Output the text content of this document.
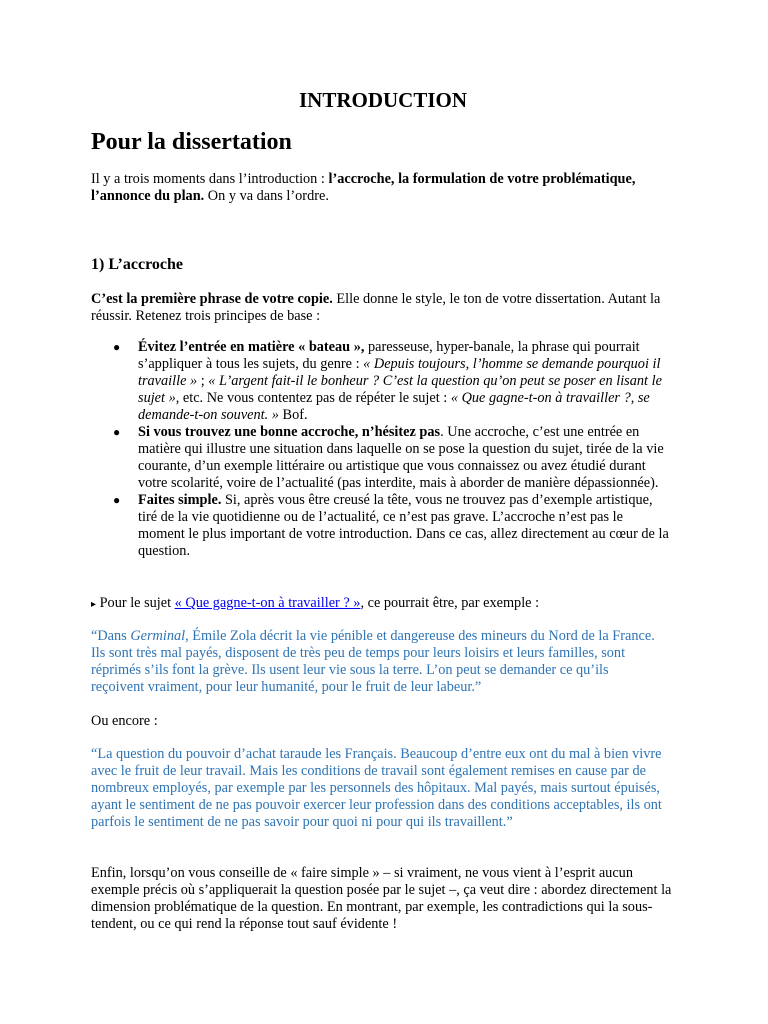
INTRODUCTION
Pour la dissertation

Il y a trois moments dans l’introduction : l’accroche, la formulation de votre problématique, l’annonce du plan. On y va dans l’ordre.

1) L’accroche

C’est la première phrase de votre copie. Elle donne le style, le ton de votre dissertation. Autant la réussir. Retenez trois principes de base :

● Évitez l’entrée en matière « bateau », paresseuse, hyper-banale, la phrase qui pourrait s’appliquer à tous les sujets, du genre : « Depuis toujours, l’homme se demande pourquoi il travaille » ; « L’argent fait-il le bonheur ? C’est la question qu’on peut se poser en lisant le sujet », etc. Ne vous contentez pas de répéter le sujet : « Que gagne-t-on à travailler ?, se demande-t-on souvent. » Bof.
● Si vous trouvez une bonne accroche, n’hésitez pas. Une accroche, c’est une entrée en matière qui illustre une situation dans laquelle on se pose la question du sujet, tirée de la vie courante, d’un exemple littéraire ou artistique que vous connaissez ou avez étudié durant votre scolarité, voire de l’actualité (pas interdite, mais à aborder de manière dépassionnée).
● Faites simple. Si, après vous être creusé la tête, vous ne trouvez pas d’exemple artistique, tiré de la vie quotidienne ou de l’actualité, ce n’est pas grave. L’accroche n’est pas le moment le plus important de votre introduction. Dans ce cas, allez directement au cœur de la question.

▸ Pour le sujet « Que gagne-t-on à travailler ? », ce pourrait être, par exemple :

“Dans Germinal, Émile Zola décrit la vie pénible et dangereuse des mineurs du Nord de la France. Ils sont très mal payés, disposent de très peu de temps pour leurs loisirs et leurs familles, sont réprimés s’ils font la grève. Ils usent leur vie sous la terre. L’on peut se demander ce qu’ils reçoivent vraiment, pour leur humanité, pour le fruit de leur labeur.”

Ou encore :

“La question du pouvoir d’achat taraude les Français. Beaucoup d’entre eux ont du mal à bien vivre avec le fruit de leur travail. Mais les conditions de travail sont également remises en cause par de nombreux employés, par exemple par les personnels des hôpitaux. Mal payés, mais surtout épuisés, ayant le sentiment de ne pas pouvoir exercer leur profession dans des conditions acceptables, ils ont parfois le sentiment de ne pas savoir pour quoi ni pour qui ils travaillent.”

Enfin, lorsqu’on vous conseille de « faire simple » – si vraiment, ne vous vient à l’esprit aucun exemple précis où s’appliquerait la question posée par le sujet –, ça veut dire : abordez directement la dimension problématique de la question. En montrant, par exemple, les contradictions qui la sous-tendent, ou ce qui rend la réponse tout sauf évidente !
